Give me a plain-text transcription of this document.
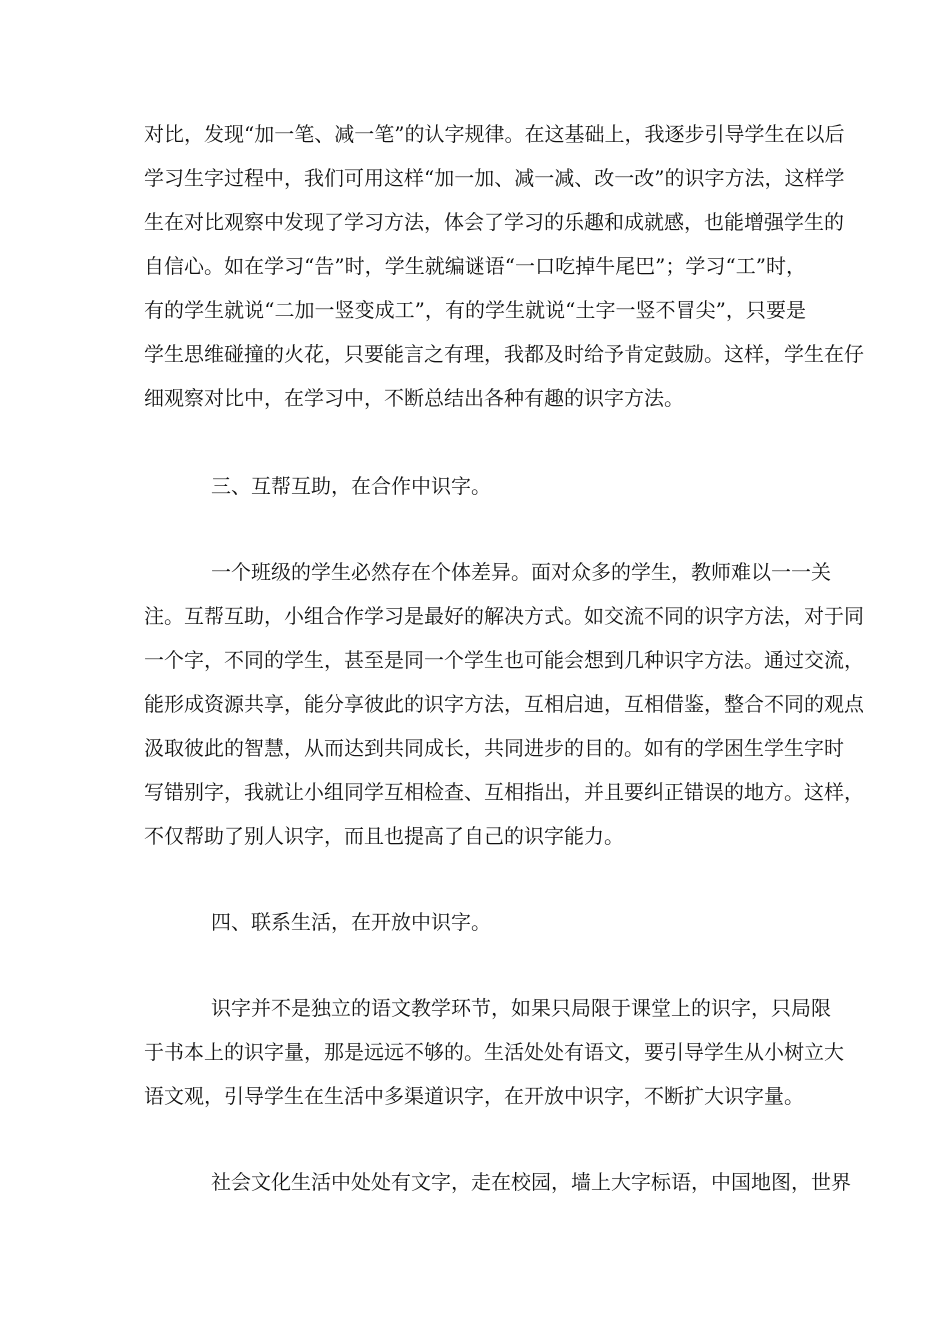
对比，发现“加一笔、减一笔”的认字规律。在这基础上，我逐步引导学生在以后
学习生字过程中，我们可用这样“加一加、减一减、改一改”的识字方法，这样学
生在对比观察中发现了学习方法，体会了学习的乐趣和成就感，也能增强学生的
自信心。如在学习“告”时，学生就编谜语“一口吃掉牛尾巴”；学习“工”时，
有的学生就说“二加一竖变成工”，有的学生就说“土字一竖不冒尖”，只要是
学生思维碰撞的火花，只要能言之有理，我都及时给予肯定鼓励。这样，学生在仔
细观察对比中，在学习中，不断总结出各种有趣的识字方法。
三、互帮互助，在合作中识字。
一个班级的学生必然存在个体差异。面对众多的学生，教师难以一一关
注。互帮互助，小组合作学习是最好的解决方式。如交流不同的识字方法，对于同
一个字，不同的学生，甚至是同一个学生也可能会想到几种识字方法。通过交流，
能形成资源共享，能分享彼此的识字方法，互相启迪，互相借鉴，整合不同的观点
汲取彼此的智慧，从而达到共同成长，共同进步的目的。如有的学困生学生字时
写错别字，我就让小组同学互相检查、互相指出，并且要纠正错误的地方。这样，
不仅帮助了别人识字，而且也提高了自己的识字能力。
四、联系生活，在开放中识字。
识字并不是独立的语文教学环节，如果只局限于课堂上的识字，只局限
于书本上的识字量，那是远远不够的。生活处处有语文，要引导学生从小树立大
语文观，引导学生在生活中多渠道识字，在开放中识字，不断扩大识字量。
社会文化生活中处处有文字，走在校园，墙上大字标语，中国地图，世界
